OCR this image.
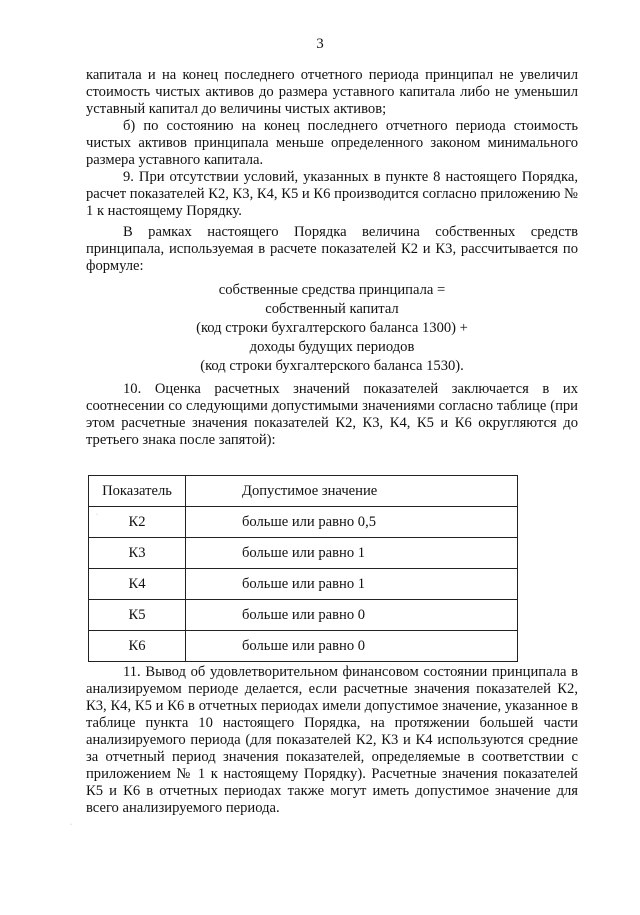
3

капитала и на конец последнего отчетного периода принципал не увеличил стоимость чистых активов до размера уставного капитала либо не уменьшил уставный капитал до величины чистых активов;

б) по состоянию на конец последнего отчетного периода стоимость чистых активов принципала меньше определенного законом минимального размера уставного капитала.

9. При отсутствии условий, указанных в пункте 8 настоящего Порядка, расчет показателей К2, К3, К4, К5 и К6 производится согласно приложению № 1 к настоящему Порядку.

В рамках настоящего Порядка величина собственных средств принципала, используемая в расчете показателей К2 и К3, рассчитывается по формуле:

собственные средства принципала =

собственный капитал

(код строки бухгалтерского баланса 1300) +

доходы будущих периодов

(код строки бухгалтерского баланса 1530).

10. Оценка расчетных значений показателей заключается в их соотнесении со следующими допустимыми значениями согласно таблице (при этом расчетные значения показателей К2, К3, К4, К5 и К6 округляются до третьего знака после запятой):

Показатель	Допустимое значение
К2	больше или равно 0,5
К3	больше или равно 1
К4	больше или равно 1
К5	больше или равно 0
К6	больше или равно 0

11. Вывод об удовлетворительном финансовом состоянии принципала в анализируемом периоде делается, если расчетные значения показателей К2, К3, К4, К5 и К6 в отчетных периодах имели допустимое значение, указанное в таблице пункта 10 настоящего Порядка, на протяжении большей части анализируемого периода (для показателей К2, К3 и К4 используются средние за отчетный период значения показателей, определяемые в соответствии с приложением № 1 к настоящему Порядку). Расчетные значения показателей К5 и К6 в отчетных периодах также могут иметь допустимое значение для всего анализируемого периода.

·
·
